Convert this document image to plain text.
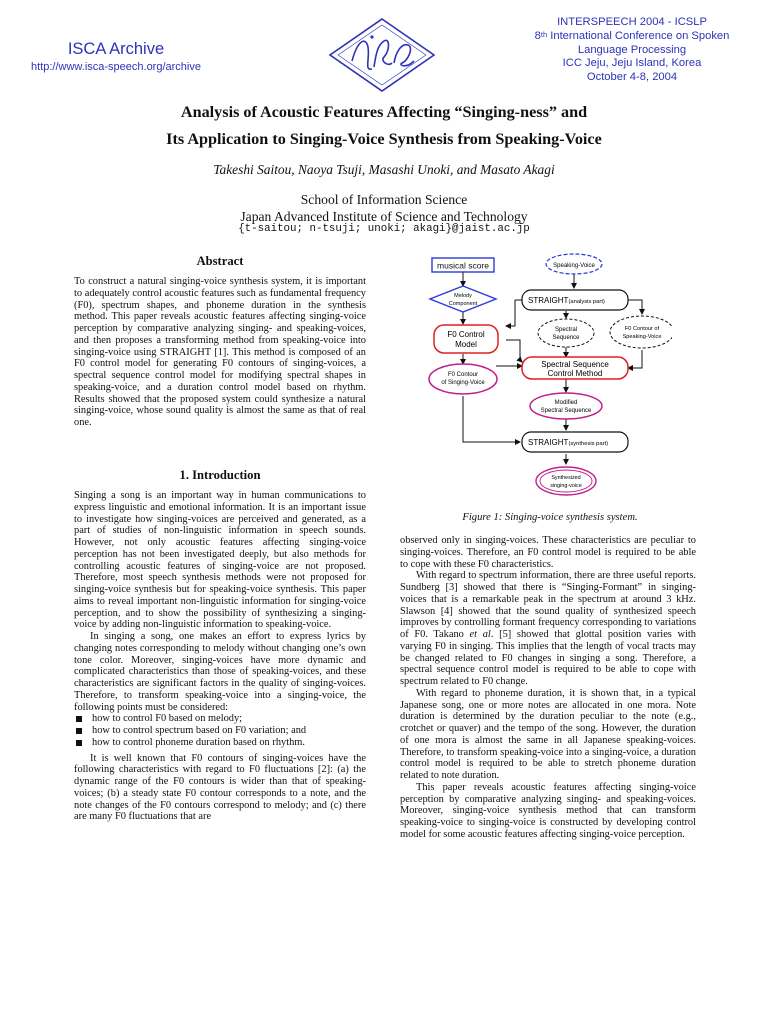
ISCA Archive
http://www.isca-speech.org/archive
INTERSPEECH 2004 - ICSLP
8th International Conference on Spoken
Language Processing
ICC Jeju, Jeju Island, Korea
October 4-8, 2004
Analysis of Acoustic Features Affecting “Singing-ness” and
Its Application to Singing-Voice Synthesis from Speaking-Voice
Takeshi Saitou, Naoya Tsuji, Masashi Unoki, and Masato Akagi
School of Information Science
Japan Advanced Institute of Science and Technology
{t-saitou; n-tsuji; unoki; akagi}@jaist.ac.jp
Abstract

To construct a natural singing-voice synthesis system, it is important to adequately control acoustic features such as fundamental frequency (F0), spectrum shapes, and phoneme duration in the synthesis method. This paper reveals acoustic features affecting singing-voice perception by comparative analyzing singing- and speaking-voices, and then proposes a transforming method from speaking-voice into singing-voice using STRAIGHT [1]. This method is composed of an F0 control model for generating F0 contours of singing-voices, a spectral sequence control model for modifying spectral shapes in speaking-voice, and a duration control model based on rhythm. Results showed that the proposed system could synthesize a natural singing-voice, whose sound quality is almost the same as that of real one.

1. Introduction

Singing a song is an important way in human communications to express linguistic and emotional information. It is an important issue to investigate how singing-voices are perceived and generated, as a part of studies of non-linguistic information in speech sounds. However, not only acoustic features affecting singing-voice perception has not been investigated deeply, but also methods for controlling acoustic features of singing-voice are not proposed. Therefore, most speech synthesis methods were not proposed for singing-voice synthesis but for speaking-voice synthesis. This paper aims to reveal important non-linguistic information for singing-voice perception, and to show the possibility of synthesizing a singing-voice by adding non-linguistic information to speaking-voice.

In singing a song, one makes an effort to express lyrics by changing notes corresponding to melody without changing one’s own tone color. Moreover, singing-voices have more dynamic and complicated characteristics than those of speaking-voices, and these characteristics are significant factors in the quality of singing-voices. Therefore, to transform speaking-voice into a singing-voice, the following points must be considered:

how to control F0 based on melody;
how to control spectrum based on F0 variation; and
how to control phoneme duration based on rhythm.

It is well known that F0 contours of singing-voices have the following characteristics with regard to F0 fluctuations [2]: (a) the dynamic range of the F0 contours is wider than that of speaking-voices; (b) a steady state F0 contour corresponds to a note, and the note changes of the F0 contours correspond to melody; and (c) there are many F0 fluctuations that are

musical score	Speaking-Voice
Melody
Component	STRAIGHT(analysis part)
F0 Control
Model
Spectral
Sequence
F0 Contour of
Speaking-Voice
F0 Contour
of Singing-Voice
Spectral Sequence
Control Method
Modified
Spectral Sequence
STRAIGHT(synthesis part)
Synthesized
singing-voice
Figure 1: Singing-voice synthesis system.

observed only in singing-voices. These characteristics are peculiar to singing-voices. Therefore, an F0 control model is required to be able to cope with these F0 characteristics.

With regard to spectrum information, there are three useful reports. Sundberg [3] showed that there is “Singing-Formant” in singing-voices that is a remarkable peak in the spectrum at around 3 kHz. Slawson [4] showed that the sound quality of synthesized speech improves by controlling formant frequency corresponding to variations of F0. Takano et al. [5] showed that glottal position varies with varying F0 in singing. This implies that the length of vocal tracts may be changed related to F0 changes in singing a song. Therefore, a spectral sequence control model is required to be able to cope with spectrum related to F0 change.

With regard to phoneme duration, it is shown that, in a typical Japanese song, one or more notes are allocated in one mora. Note duration is determined by the duration peculiar to the note (e.g., crotchet or quaver) and the tempo of the song. However, the duration of one mora is almost the same in all Japanese speaking-voices. Therefore, to transform speaking-voice into a singing-voice, a duration control model is required to be able to stretch phoneme duration related to note duration.

This paper reveals acoustic features affecting singing-voice perception by comparative analyzing singing- and speaking-voices. Moreover, singing-voice synthesis method that can transform speaking-voice to singing-voice is constructed by developing control model for some acoustic features affecting singing-voice perception.
